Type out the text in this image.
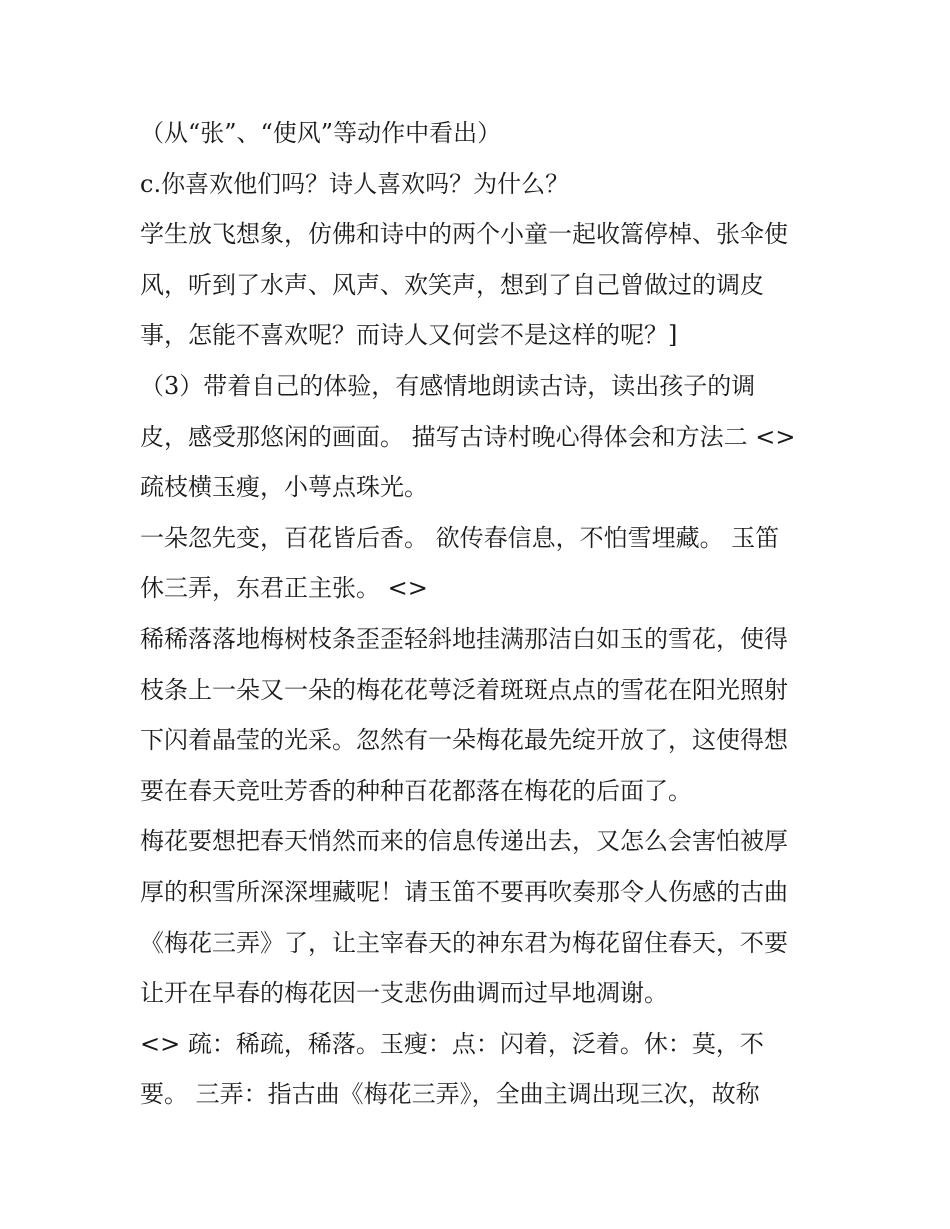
（从“张”、“使风”等动作中看出）
c.你喜欢他们吗？诗人喜欢吗？为什么？
学生放飞想象，仿佛和诗中的两个小童一起收篙停棹、张伞使
风，听到了水声、风声、欢笑声，想到了自己曾做过的调皮
事，怎能不喜欢呢？而诗人又何尝不是这样的呢？]
（3）带着自己的体验，有感情地朗读古诗，读出孩子的调
皮，感受那悠闲的画面。 描写古诗村晚心得体会和方法二 <>
疏枝横玉瘦，小萼点珠光。
一朵忽先变，百花皆后香。 欲传春信息，不怕雪埋藏。 玉笛
休三弄，东君正主张。 <>
稀稀落落地梅树枝条歪歪轻斜地挂满那洁白如玉的雪花，使得
枝条上一朵又一朵的梅花花萼泛着斑斑点点的雪花在阳光照射
下闪着晶莹的光采。忽然有一朵梅花最先绽开放了，这使得想
要在春天竞吐芳香的种种百花都落在梅花的后面了。
梅花要想把春天悄然而来的信息传递出去，又怎么会害怕被厚
厚的积雪所深深埋藏呢！请玉笛不要再吹奏那令人伤感的古曲
《梅花三弄》了，让主宰春天的神东君为梅花留住春天，不要
让开在早春的梅花因一支悲伤曲调而过早地凋谢。
<> 疏：稀疏，稀落。玉瘦：点：闪着，泛着。休：莫，不
要。 三弄：指古曲《梅花三弄》，全曲主调出现三次，故称
